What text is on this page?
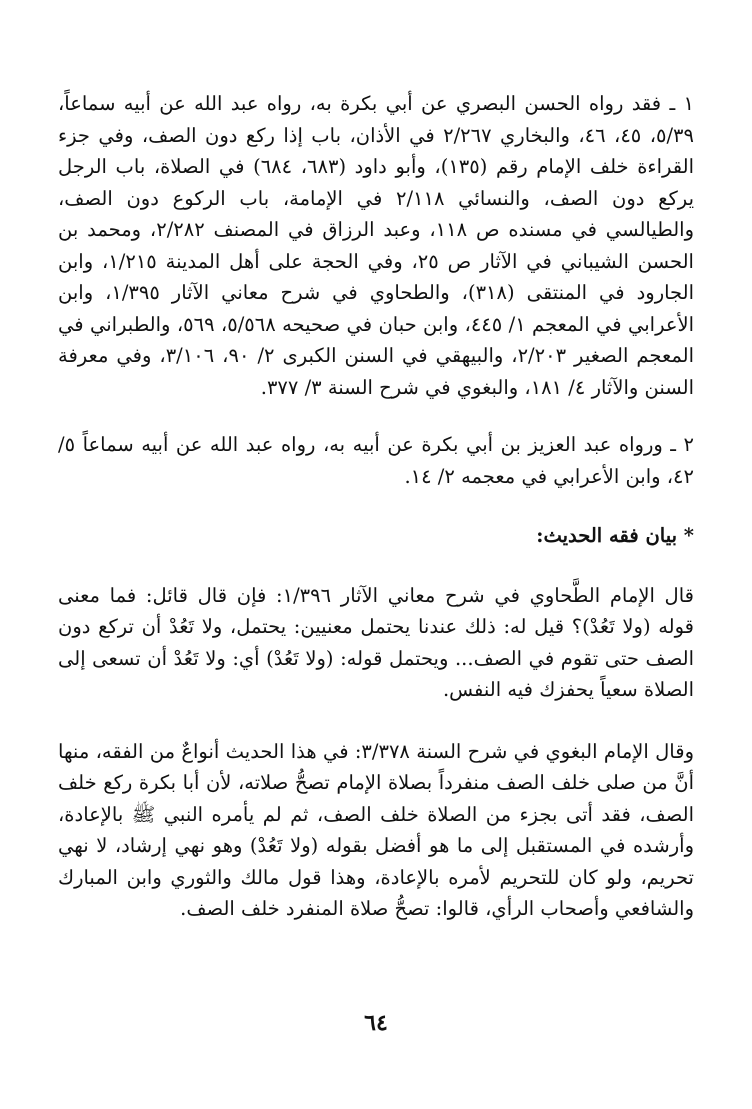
١ ـ فقد رواه الحسن البصري عن أبي بكرة به، رواه عبد الله عن أبيه سماعاً، ٥/٣٩، ٤٥، ٤٦، والبخاري ٢/٢٦٧ في الأذان، باب إذا ركع دون الصف، وفي جزء القراءة خلف الإمام رقم (١٣٥)، وأبو داود (٦٨٣، ٦٨٤) في الصلاة، باب الرجل يركع دون الصف، والنسائي ٢/١١٨ في الإمامة، باب الركوع دون الصف، والطيالسي في مسنده ص ١١٨، وعبد الرزاق في المصنف ٢/٢٨٢، ومحمد بن الحسن الشيباني في الآثار ص ٢٥، وفي الحجة على أهل المدينة ١/٢١٥، وابن الجارود في المنتقى (٣١٨)، والطحاوي في شرح معاني الآثار ١/٣٩٥، وابن الأعرابي في المعجم ١/ ٤٤٥، وابن حبان في صحيحه ٥/٥٦٨، ٥٦٩، والطبراني في المعجم الصغير ٢/٢٠٣، والبيهقي في السنن الكبرى ٢/ ٩٠، ٣/١٠٦، وفي معرفة السنن والآثار ٤/ ١٨١، والبغوي في شرح السنة ٣/ ٣٧٧.

٢ ـ ورواه عبد العزيز بن أبي بكرة عن أبيه به، رواه عبد الله عن أبيه سماعاً ٥/ ٤٢، وابن الأعرابي في معجمه ٢/ ١٤.

* بيان فقه الحديث:

قال الإمام الطَّحاوي في شرح معاني الآثار ١/٣٩٦: فإن قال قائل: فما معنى قوله (ولا تَعُدْ)؟ قيل له: ذلك عندنا يحتمل معنيين: يحتمل، ولا تَعُدْ أن تركع دون الصف حتى تقوم في الصف... ويحتمل قوله: (ولا تَعُدْ) أي: ولا تَعُدْ أن تسعى إلى الصلاة سعياً يحفزك فيه النفس.

وقال الإمام البغوي في شرح السنة ٣/٣٧٨: في هذا الحديث أنواعٌ من الفقه، منها أنَّ من صلى خلف الصف منفرداً بصلاة الإمام تصحُّ صلاته، لأن أبا بكرة ركع خلف الصف، فقد أتى بجزء من الصلاة خلف الصف، ثم لم يأمره النبي ﷺ بالإعادة، وأرشده في المستقبل إلى ما هو أفضل بقوله (ولا تَعُدْ) وهو نهي إرشاد، لا نهي تحريم، ولو كان للتحريم لأمره بالإعادة، وهذا قول مالك والثوري وابن المبارك والشافعي وأصحاب الرأي، قالوا: تصحُّ صلاة المنفرد خلف الصف.

٦٤
